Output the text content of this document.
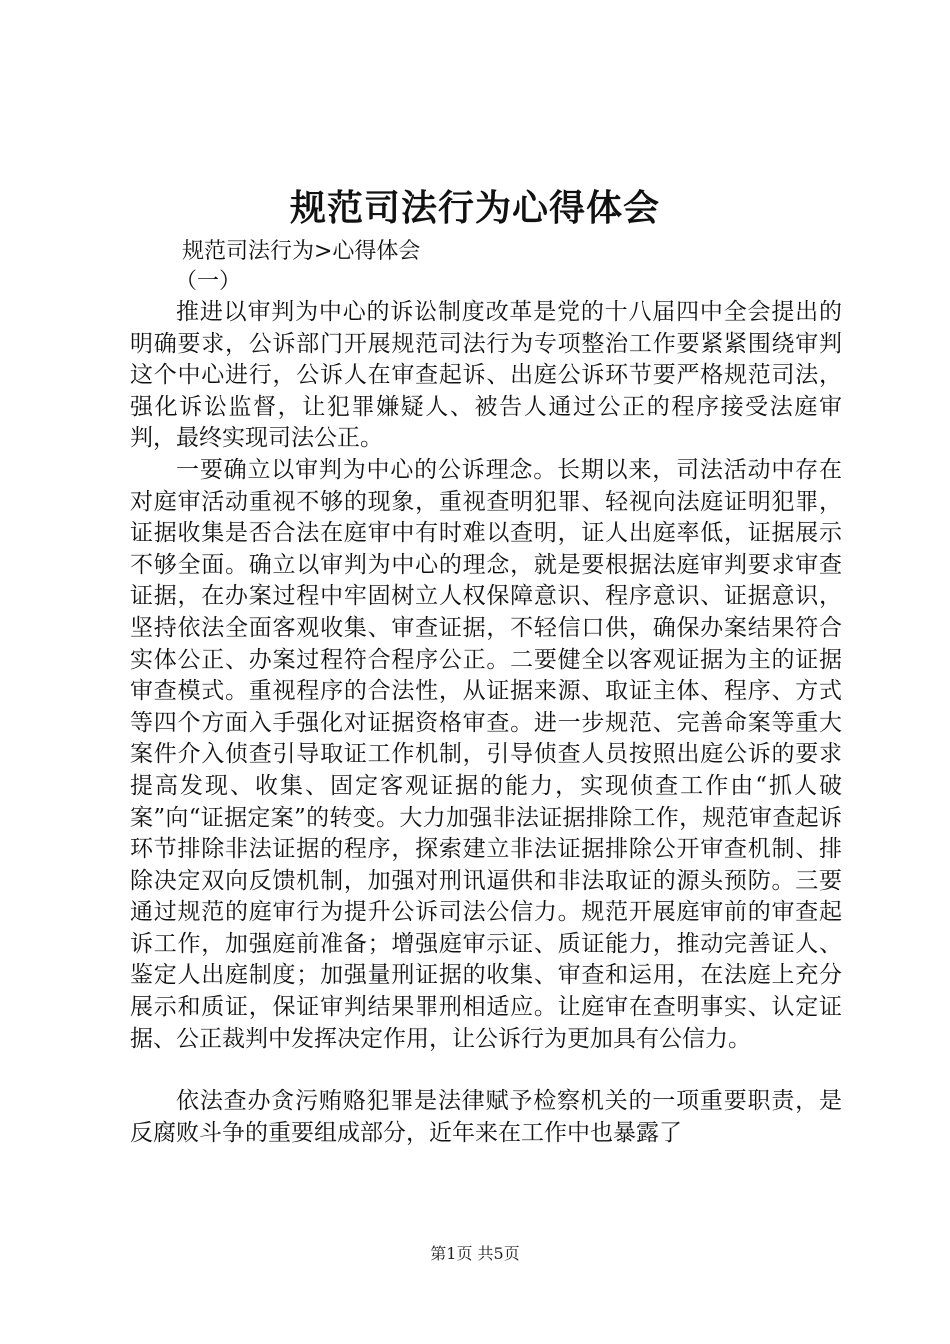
规范司法行为心得体会
规范司法行为>心得体会
（一）

推进以审判为中心的诉讼制度改革是党的十八届四中全会提出的明确要求，公诉部门开展规范司法行为专项整治工作要紧紧围绕审判这个中心进行，公诉人在审查起诉、出庭公诉环节要严格规范司法，强化诉讼监督，让犯罪嫌疑人、被告人通过公正的程序接受法庭审判，最终实现司法公正。

一要确立以审判为中心的公诉理念。长期以来，司法活动中存在对庭审活动重视不够的现象，重视查明犯罪、轻视向法庭证明犯罪，证据收集是否合法在庭审中有时难以查明，证人出庭率低，证据展示不够全面。确立以审判为中心的理念，就是要根据法庭审判要求审查证据，在办案过程中牢固树立人权保障意识、程序意识、证据意识，坚持依法全面客观收集、审查证据，不轻信口供，确保办案结果符合实体公正、办案过程符合程序公正。二要健全以客观证据为主的证据审查模式。重视程序的合法性，从证据来源、取证主体、程序、方式等四个方面入手强化对证据资格审查。进一步规范、完善命案等重大案件介入侦查引导取证工作机制，引导侦查人员按照出庭公诉的要求提高发现、收集、固定客观证据的能力，实现侦查工作由“抓人破案”向“证据定案”的转变。大力加强非法证据排除工作，规范审查起诉环节排除非法证据的程序，探索建立非法证据排除公开审查机制、排除决定双向反馈机制，加强对刑讯逼供和非法取证的源头预防。三要通过规范的庭审行为提升公诉司法公信力。规范开展庭审前的审查起诉工作，加强庭前准备；增强庭审示证、质证能力，推动完善证人、鉴定人出庭制度；加强量刑证据的收集、审查和运用，在法庭上充分展示和质证，保证审判结果罪刑相适应。让庭审在查明事实、认定证据、公正裁判中发挥决定作用，让公诉行为更加具有公信力。

依法查办贪污贿赂犯罪是法律赋予检察机关的一项重要职责，是反腐败斗争的重要组成部分，近年来在工作中也暴露了

第1页 共5页
